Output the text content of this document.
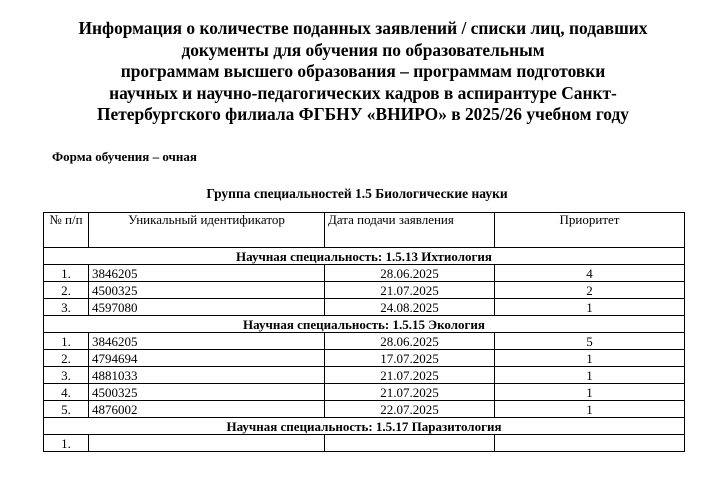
Информация о количестве поданных заявлений / списки лиц, подавших
документы для обучения по образовательным
программам высшего образования – программам подготовки
научных и научно-педагогических кадров в аспирантуре Санкт-
Петербургского филиала ФГБНУ «ВНИРО» в 2025/26 учебном году
Форма обучения – очная
Группа специальностей 1.5 Биологические науки
№ п/п	Уникальный идентификатор	Дата подачи заявления	Приоритет
Научная специальность: 1.5.13 Ихтиология			
1.	3846205	28.06.2025	4
2.	4500325	21.07.2025	2
3.	4597080	24.08.2025	1
Научная специальность: 1.5.15 Экология			
1.	3846205	28.06.2025	5
2.	4794694	17.07.2025	1
3.	4881033	21.07.2025	1
4.	4500325	21.07.2025	1
5.	4876002	22.07.2025	1
Научная специальность: 1.5.17 Паразитология			
1.			
